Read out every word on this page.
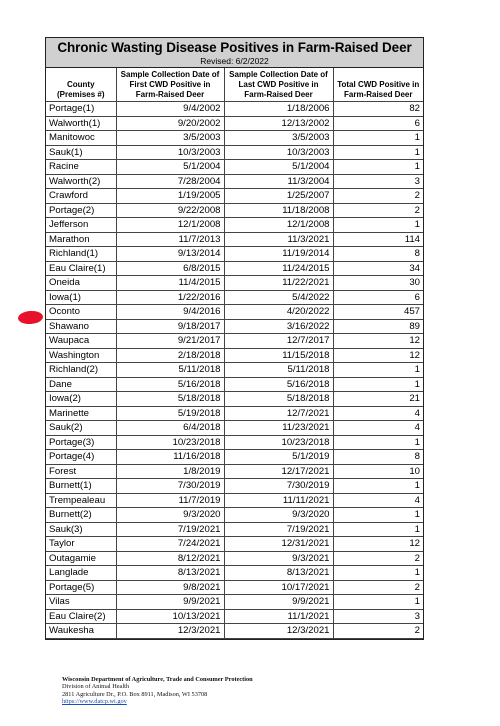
Chronic Wasting Disease Positives in Farm-Raised Deer
Revised: 6/2/2022
County
(Premises #)	Sample Collection Date of First CWD Positive in Farm-Raised Deer	Sample Collection Date of Last CWD Positive in Farm-Raised Deer	Total CWD Positive in Farm-Raised Deer
Portage(1)	9/4/2002	1/18/2006	82
Walworth(1)	9/20/2002	12/13/2002	6
Manitowoc	3/5/2003	3/5/2003	1
Sauk(1)	10/3/2003	10/3/2003	1
Racine	5/1/2004	5/1/2004	1
Walworth(2)	7/28/2004	11/3/2004	3
Crawford	1/19/2005	1/25/2007	2
Portage(2)	9/22/2008	11/18/2008	2
Jefferson	12/1/2008	12/1/2008	1
Marathon	11/7/2013	11/3/2021	114
Richland(1)	9/13/2014	11/19/2014	8
Eau Claire(1)	6/8/2015	11/24/2015	34
Oneida	11/4/2015	11/22/2021	30
Iowa(1)	1/22/2016	5/4/2022	6
Oconto	9/4/2016	4/20/2022	457
Shawano	9/18/2017	3/16/2022	89
Waupaca	9/21/2017	12/7/2017	12
Washington	2/18/2018	11/15/2018	12
Richland(2)	5/11/2018	5/11/2018	1
Dane	5/16/2018	5/16/2018	1
Iowa(2)	5/18/2018	5/18/2018	21
Marinette	5/19/2018	12/7/2021	4
Sauk(2)	6/4/2018	11/23/2021	4
Portage(3)	10/23/2018	10/23/2018	1
Portage(4)	11/16/2018	5/1/2019	8
Forest	1/8/2019	12/17/2021	10
Burnett(1)	7/30/2019	7/30/2019	1
Trempealeau	11/7/2019	11/11/2021	4
Burnett(2)	9/3/2020	9/3/2020	1
Sauk(3)	7/19/2021	7/19/2021	1
Taylor	7/24/2021	12/31/2021	12
Outagamie	8/12/2021	9/3/2021	2
Langlade	8/13/2021	8/13/2021	1
Portage(5)	9/8/2021	10/17/2021	2
Vilas	9/9/2021	9/9/2021	1
Eau Claire(2)	10/13/2021	11/1/2021	3
Waukesha	12/3/2021	12/3/2021	2
Wisconsin Department of Agriculture, Trade and Consumer Protection
Division of Animal Health
2811 Agriculture Dr., P.O. Box 8911, Madison, WI 53708
https://www.datcp.wi.gov
